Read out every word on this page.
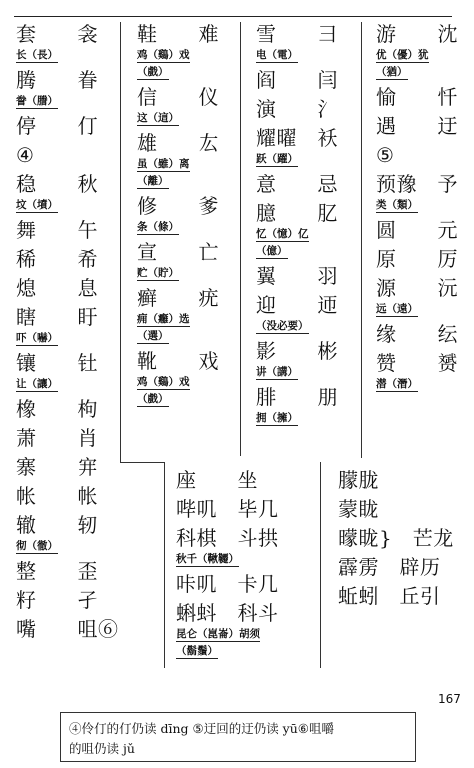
套　　衾
长（長）
腾　　眷
誊（謄）
停　　仃
④
稳　　秋
坟（墳）
舞　　午
稀　　希
熄　　息
瞎　　盱
吓（嚇）
镶　　钍
让（讓）
橡　　枸
萧　　肖
寨　　宑
帐　　帐
辙　　轫
彻（徹）
整　　歪
籽　　孑
嘴　　咀⑥
鞋　　难
鸡（鷄）戏
（戲）
信　　仪
这（這）
雄　　厷
虽（雖）离
（離）
修　　爹
条（條）
宣　　亡
贮（貯）
癣　　疣
痈（癰）选
（選）
靴　　戏
鸡（鷄）戏
（戲）
雪　　彐
电（電）
阎　　闫
演　　氵
耀曜　袄
跃（躍）
意　　忌
臆　　肊
忆（憶）亿
（億）
翼　　羽
迎　　迊
（没必要）
影　　彬
讲（講）
腓　　朋
拥（擁）
游　　沈
优（優）犹
（猶）
愉　　忏
遇　　迂
⑤
预豫　予
类（類）
圆　　元
原　　厉
源　　沅
远（遠）
缘　　纭
赞　　赟
潜（潛）
座　　坐
哔叽　毕几
科棋　斗拱
秋千（鞦韆）
咔叽　卡几
蝌蚪　科斗
昆仑（崑崙）胡须
（鬍鬚）
朦胧
蒙眬
曚昽}　芒龙
霹雳　辟历
蚯蚓　丘引
167
④伶仃的仃仍读 dīng ⑤迂回的迂仍读 yū⑥咀嚼
的咀仍读 jǔ
